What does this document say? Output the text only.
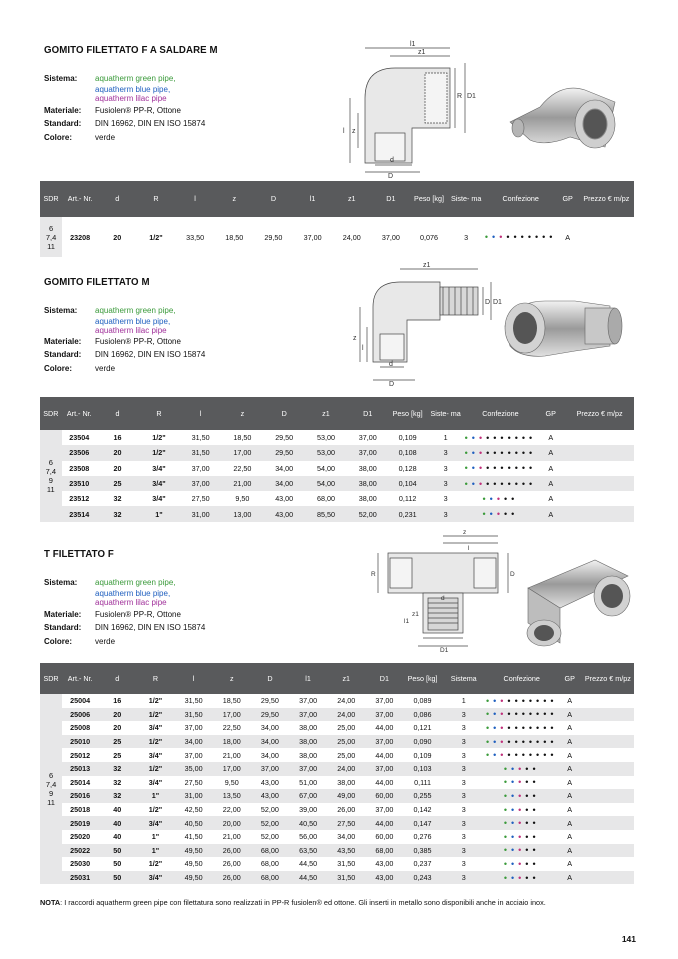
GOMITO FILETTATO F A SALDARE M
Sistema: aquatherm green pipe,
aquatherm blue pipe,
aquatherm lilac pipe
Materiale: Fusiolen® PP-R, Ottone
Standard: DIN 16962, DIN EN ISO 15874
Colore:	verde
l1
z1
R D1
l z
d
D
SDR	Art.- Nr.	d	R	l	z	D	l1	z1	D1	Peso [kg]	Siste- ma	Confezione	GP	Prezzo € m/pz
6 7,4 11	23208	20	1/2"	33,50	18,50	29,50	37,00	24,00	37,00	0,076	3	••••••••••	A	
GOMITO FILETTATO M
Sistema: aquatherm green pipe,
aquatherm blue pipe,
aquatherm lilac pipe
Materiale: Fusiolen® PP-R, Ottone
Standard: DIN 16962, DIN EN ISO 15874
Colore:	verde
z1
D D1
z
l
d
D
SDR	Art.- Nr.	d	R	l	z	D	z1	D1	Peso [kg]	Siste- ma	Confezione	GP	Prezzo € m/pz
6 7,4 9 11	23504	16	1/2"	31,50	18,50	29,50	53,00	37,00	0,109	1	••••••••••	A	
	23506	20	1/2"	31,50	17,00	29,50	53,00	37,00	0,108	3	••••••••••	A	
	23508	20	3/4"	37,00	22,50	34,00	54,00	38,00	0,128	3	••••••••••	A	
	23510	25	3/4"	37,00	21,00	34,00	54,00	38,00	0,104	3	••••••••••	A	
	23512	32	3/4"	27,50	9,50	43,00	68,00	38,00	0,112	3	•••••	A	
	23514	32	1"	31,00	13,00	43,00	85,50	52,00	0,231	3	•••••	A	
T FILETTATO F
Sistema: aquatherm green pipe,
aquatherm blue pipe,
aquatherm lilac pipe
Materiale: Fusiolen® PP-R, Ottone
Standard: DIN 16962, DIN EN ISO 15874
Colore:	verde
z
l
R	D
d
l1
z1
D1
SDR	Art.- Nr.	d	R	l	z	D	l1	z1	D1	Peso [kg]	Sistema	Confezione	GP	Prezzo € m/pz
6 7,4 9 11	25004	16	1/2"	31,50	18,50	29,50	37,00	24,00	37,00	0,089	1	••••••••••	A	
	25006	20	1/2"	31,50	17,00	29,50	37,00	24,00	37,00	0,086	3	••••••••••	A	
	25008	20	3/4"	37,00	22,50	34,00	38,00	25,00	44,00	0,121	3	••••••••••	A	
	25010	25	1/2"	34,00	18,00	34,00	38,00	25,00	37,00	0,090	3	••••••••••	A	
	25012	25	3/4"	37,00	21,00	34,00	38,00	25,00	44,00	0,109	3	••••••••••	A	
	25013	32	1/2"	35,00	17,00	37,00	37,00	24,00	37,00	0,103	3	•••••	A	
	25014	32	3/4"	27,50	9,50	43,00	51,00	38,00	44,00	0,111	3	•••••	A	
	25016	32	1"	31,00	13,50	43,00	67,00	49,00	60,00	0,255	3	•••••	A	
	25018	40	1/2"	42,50	22,00	52,00	39,00	26,00	37,00	0,142	3	•••••	A	
	25019	40	3/4"	40,50	20,00	52,00	40,50	27,50	44,00	0,147	3	•••••	A	
	25020	40	1"	41,50	21,00	52,00	56,00	34,00	60,00	0,276	3	•••••	A	
	25022	50	1"	49,50	26,00	68,00	63,50	43,50	68,00	0,385	3	•••••	A	
	25030	50	1/2"	49,50	26,00	68,00	44,50	31,50	43,00	0,237	3	•••••	A	
	25031	50	3/4"	49,50	26,00	68,00	44,50	31,50	43,00	0,243	3	•••••	A	
NOTA: I raccordi aquatherm green pipe con filettatura sono realizzati in PP-R fusiolen® ed ottone. Gli inserti in metallo sono disponibili anche in acciaio inox.
141
